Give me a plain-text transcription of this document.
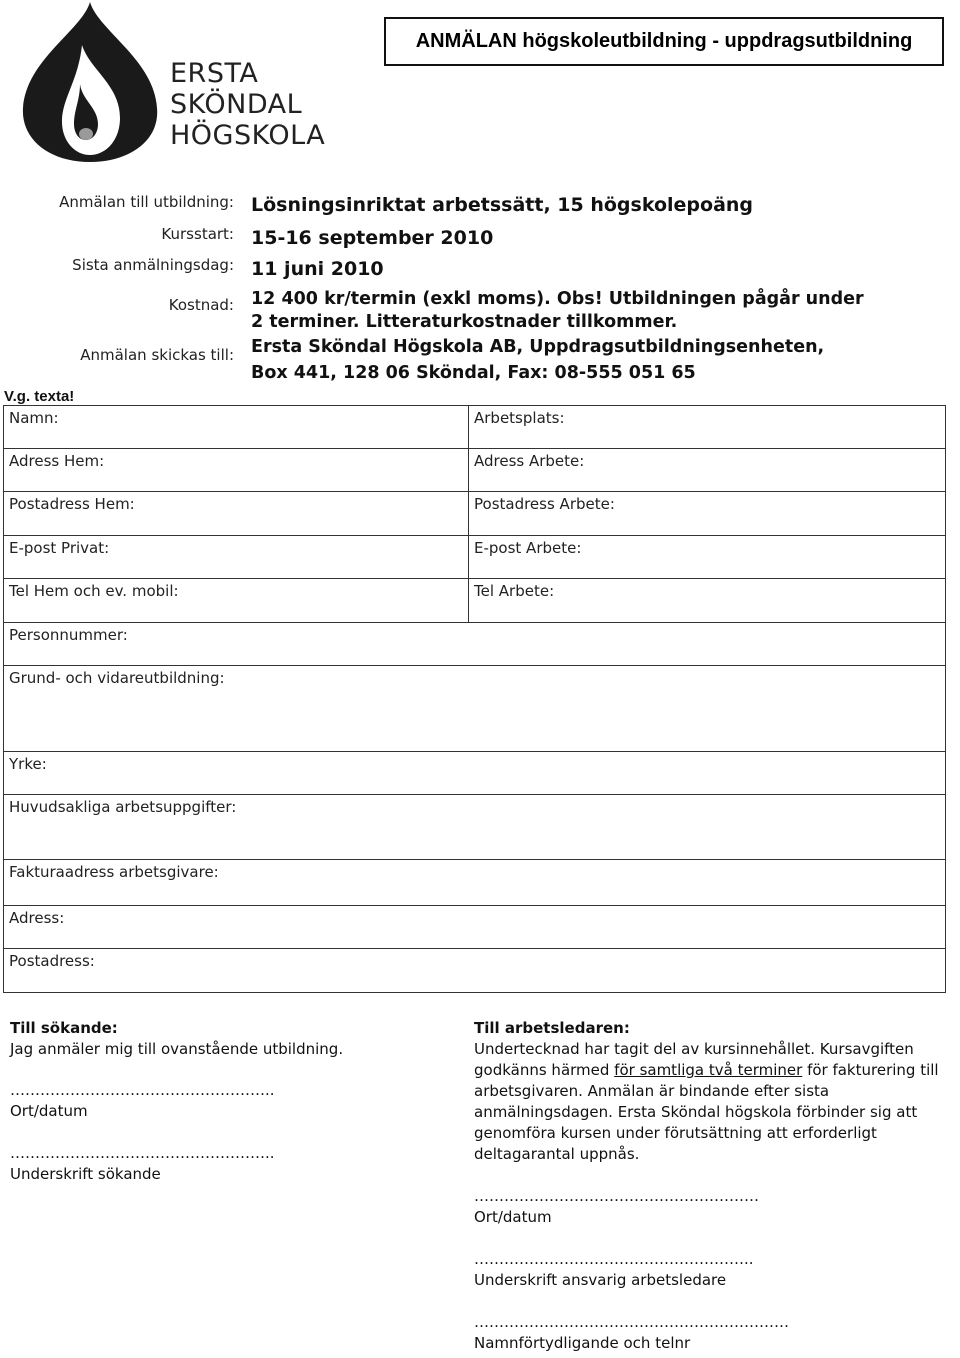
ERSTA
SKÖNDAL
HÖGSKOLA
ANMÄLAN högskoleutbildning - uppdragsutbildning
Anmälan till utbildning: Lösningsinriktat arbetssätt, 15 högskolepoäng
Kursstart: 15-16 september 2010
Sista anmälningsdag: 11 juni 2010
Kostnad: 12 400 kr/termin (exkl moms). Obs! Utbildningen pågår under
2 terminer. Litteraturkostnader tillkommer.
Anmälan skickas till: Ersta Sköndal Högskola AB, Uppdragsutbildningsenheten,
Box 441, 128 06 Sköndal, Fax: 08-555 051 65
V.g. texta!
Namn:	Arbetsplats:
Adress Hem:	Adress Arbete:
Postadress Hem:	Postadress Arbete:
E-post Privat:	E-post Arbete:
Tel Hem och ev. mobil:	Tel Arbete:
Personnummer:	
Grund- och vidareutbildning:	
Yrke:	
Huvudsakliga arbetsuppgifter:	
Fakturaadress arbetsgivare:	
Adress:	
Postadress:	
Till sökande:
Jag anmäler mig till ovanstående utbildning.
……………………………………………..
Ort/datum
……………………………………………..
Underskrift sökande
Till arbetsledaren:
Undertecknad har tagit del av kursinnehållet. Kursavgiften
godkänns härmed för samtliga två terminer för fakturering till
arbetsgivaren. Anmälan är bindande efter sista
anmälningsdagen. Ersta Sköndal högskola förbinder sig att
genomföra kursen under förutsättning att erforderligt
deltagarantal uppnås.
…………………………………………………
Ort/datum
………………………………………………..
Underskrift ansvarig arbetsledare
………………………………………………………
Namnförtydligande och telnr
